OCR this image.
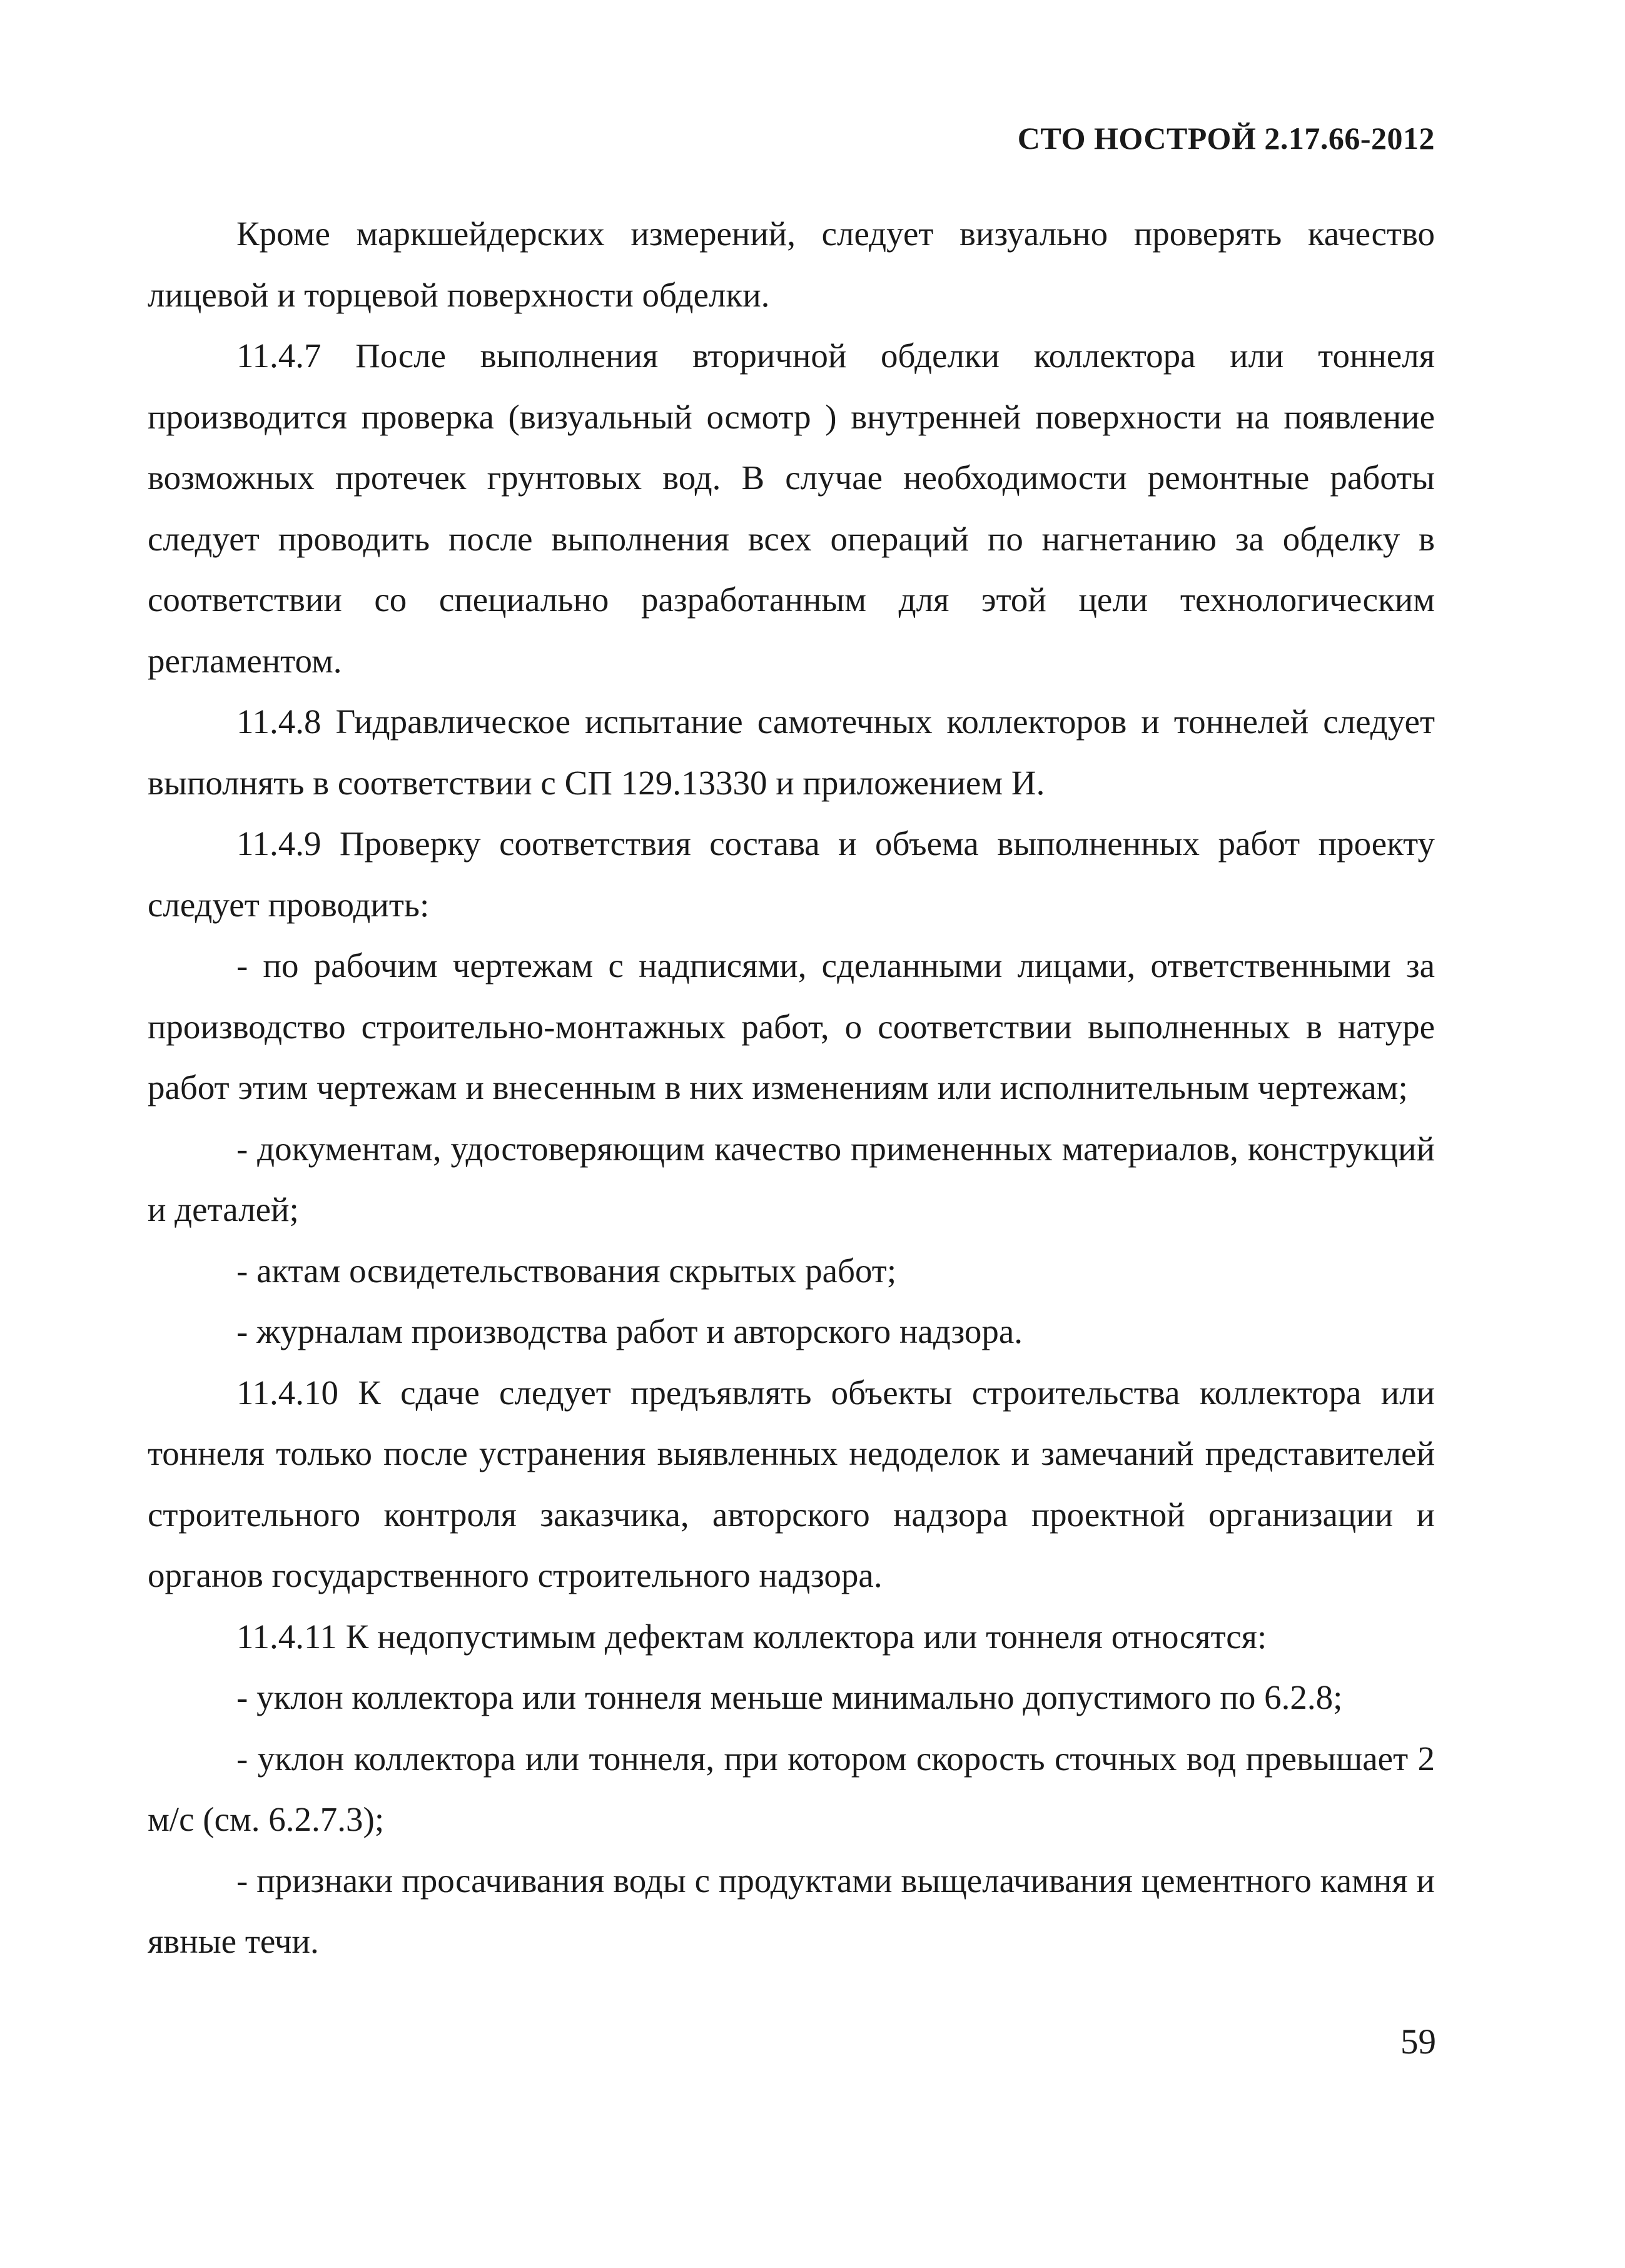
СТО НОСТРОЙ 2.17.66-2012

Кроме маркшейдерских измерений, следует визуально проверять качество лицевой и торцевой поверхности обделки.

11.4.7 После выполнения вторичной обделки коллектора или тоннеля производится проверка (визуальный осмотр ) внутренней поверхности на появление возможных протечек грунтовых вод. В случае необходимости ремонтные работы следует проводить после выполнения всех операций по нагнетанию за обделку в соответствии со специально разработанным для этой цели технологическим регламентом.

11.4.8 Гидравлическое испытание самотечных коллекторов и тоннелей следует выполнять в соответствии с СП 129.13330 и приложением И.

11.4.9 Проверку соответствия состава и объема выполненных работ проекту следует проводить:

- по рабочим чертежам с надписями, сделанными лицами, ответственными за производство строительно-монтажных работ, о соответствии выполненных в натуре работ этим чертежам и внесенным в них изменениям или исполнительным чертежам;

- документам, удостоверяющим качество примененных материалов, конструкций и деталей;

- актам освидетельствования скрытых работ;

- журналам производства работ и авторского надзора.

11.4.10 К сдаче следует предъявлять объекты строительства коллектора или тоннеля только после устранения выявленных недоделок и замечаний представителей строительного контроля заказчика, авторского надзора проектной организации и органов государственного строительного надзора.

11.4.11 К недопустимым дефектам коллектора или тоннеля относятся:

- уклон коллектора или тоннеля меньше минимально допустимого по 6.2.8;

- уклон коллектора или тоннеля, при котором скорость сточных вод превышает 2 м/с (см. 6.2.7.3);

- признаки просачивания воды с продуктами выщелачивания цементного камня и явные течи.

59
